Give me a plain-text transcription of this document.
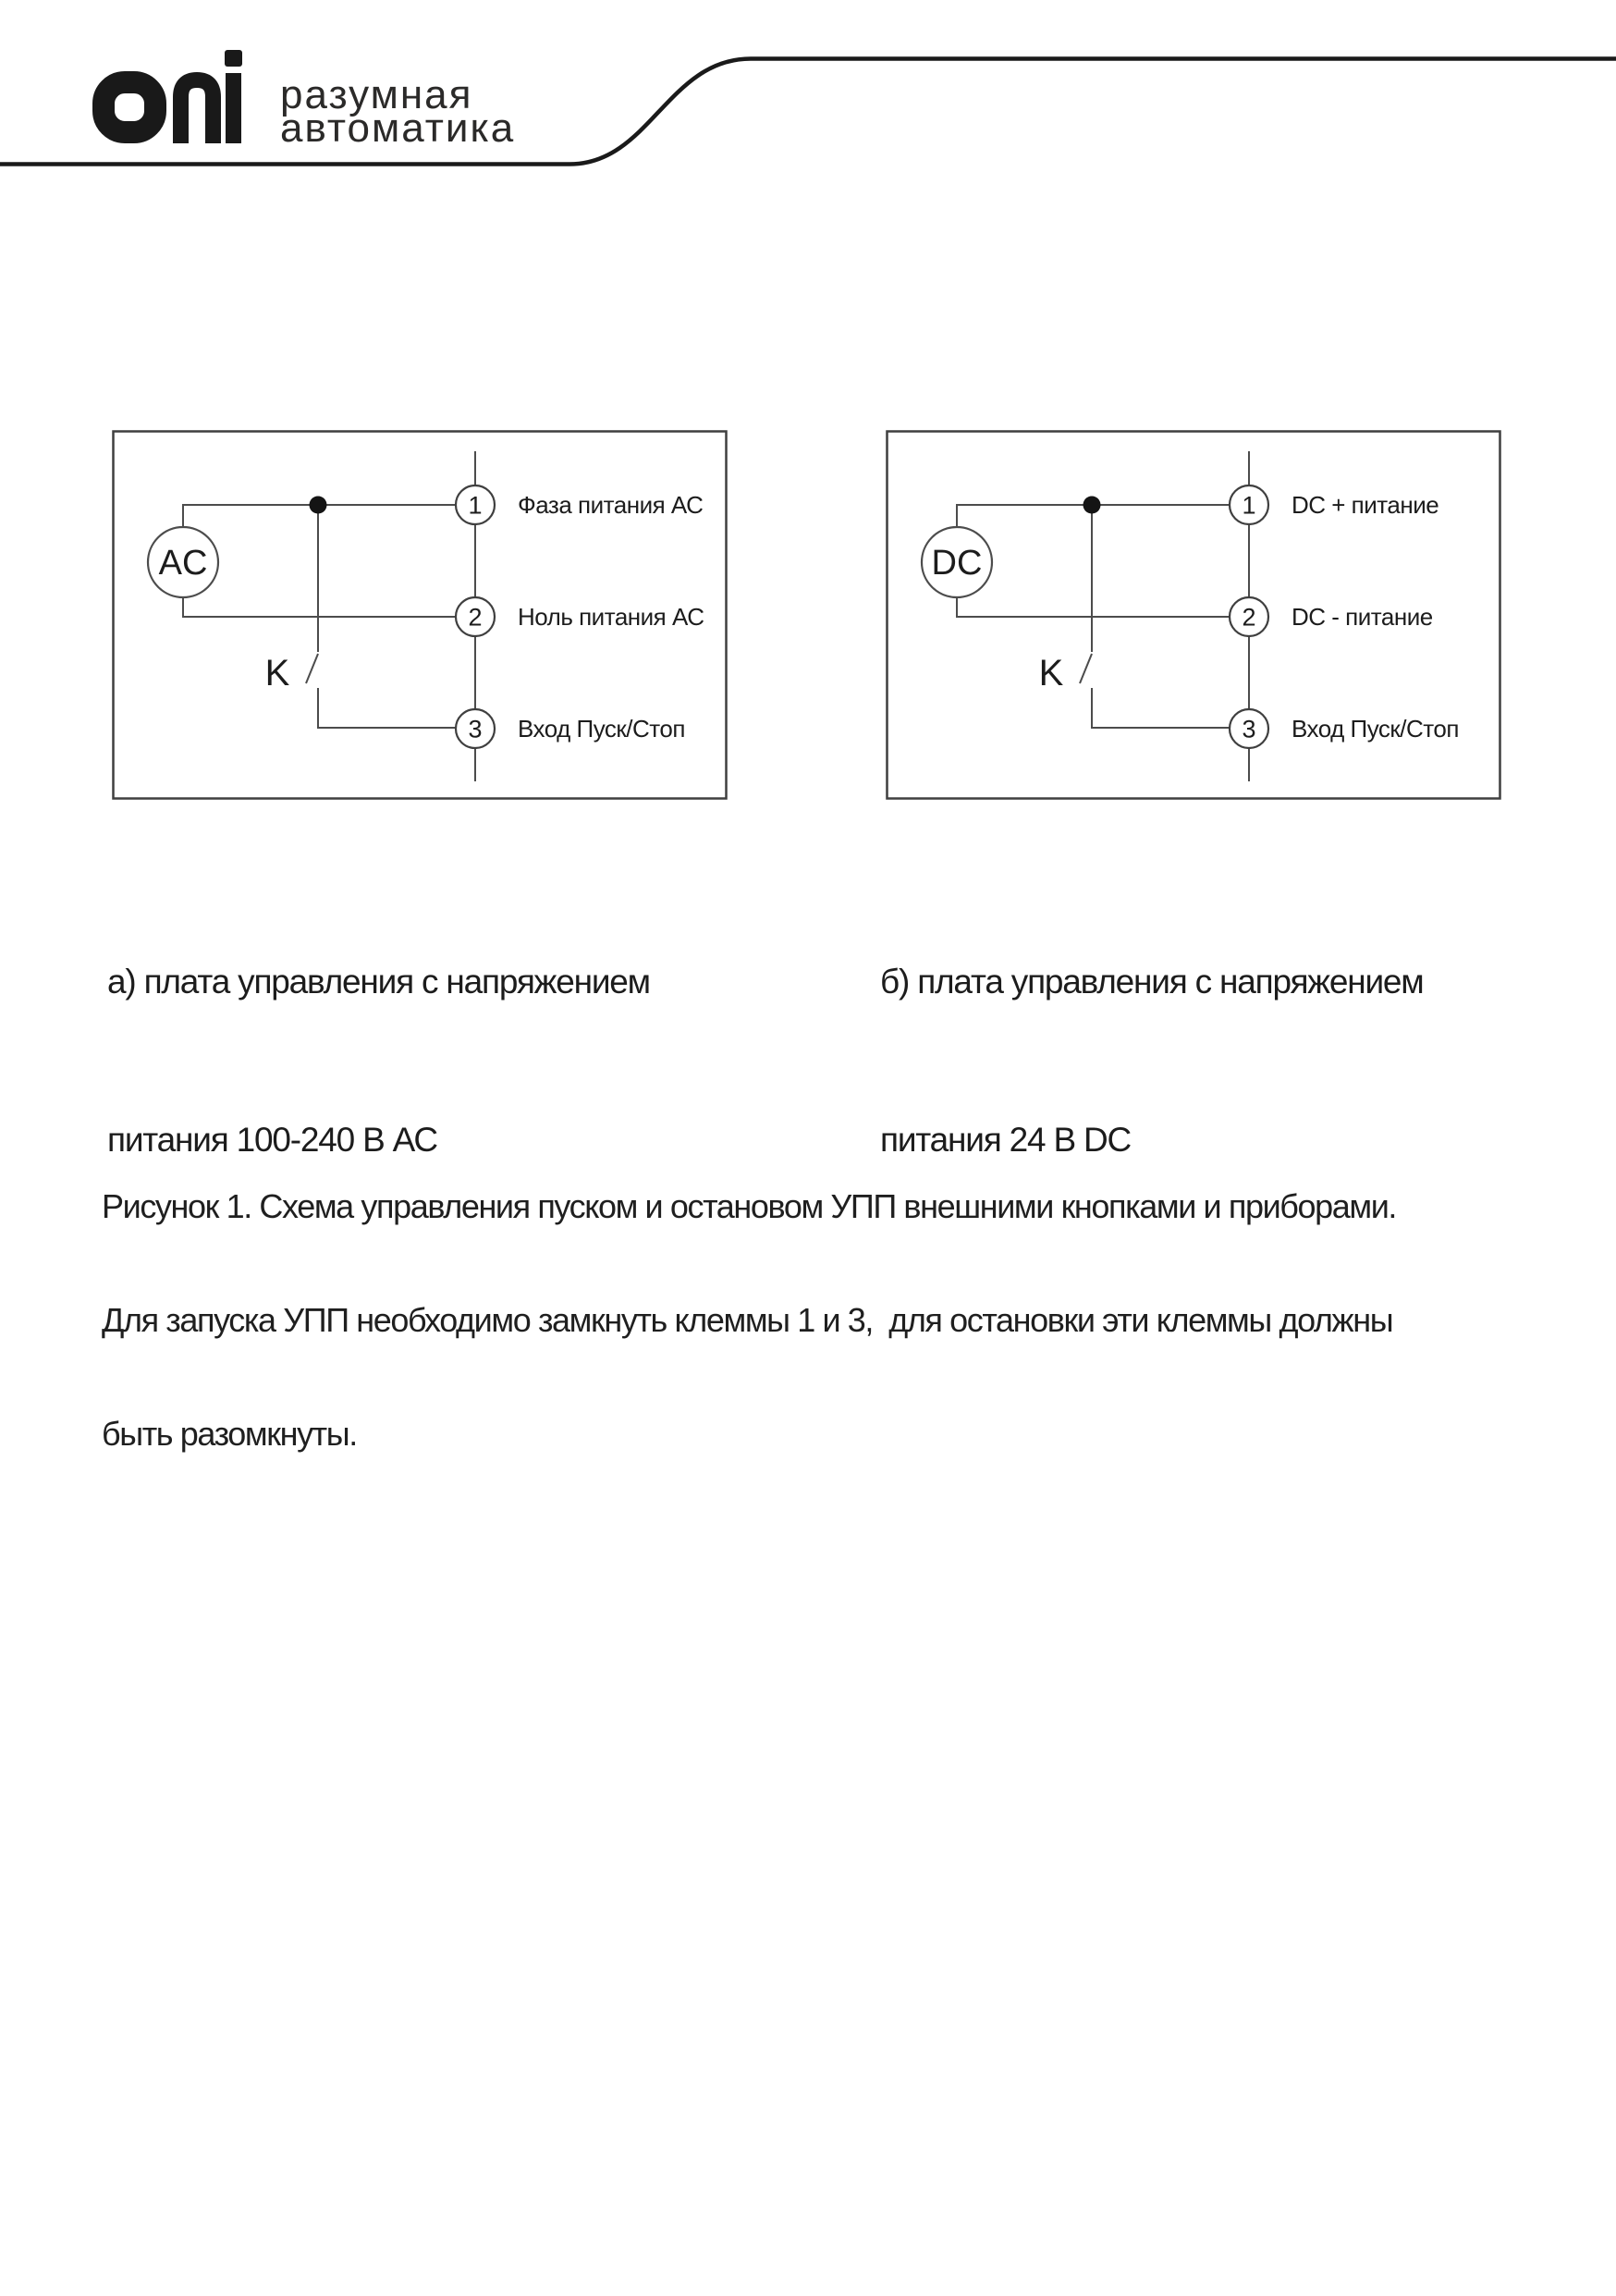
разумная
автоматика
AC
K
1 Фаза питания АС
2 Ноль питания АС
3 Вход Пуск/Стоп
DC
K
1 DC + питание
2 DC - питание
3 Вход Пуск/Стоп

а) плата управления с напряжением

питания 100-240 В АС

б) плата управления с напряжением

питания 24 В DC

Рисунок 1. Схема управления пуском и остановом УПП внешними кнопками и приборами.

Для запуска УПП необходимо замкнуть клеммы 1 и 3,  для остановки эти клеммы должны

быть разомкнуты.
